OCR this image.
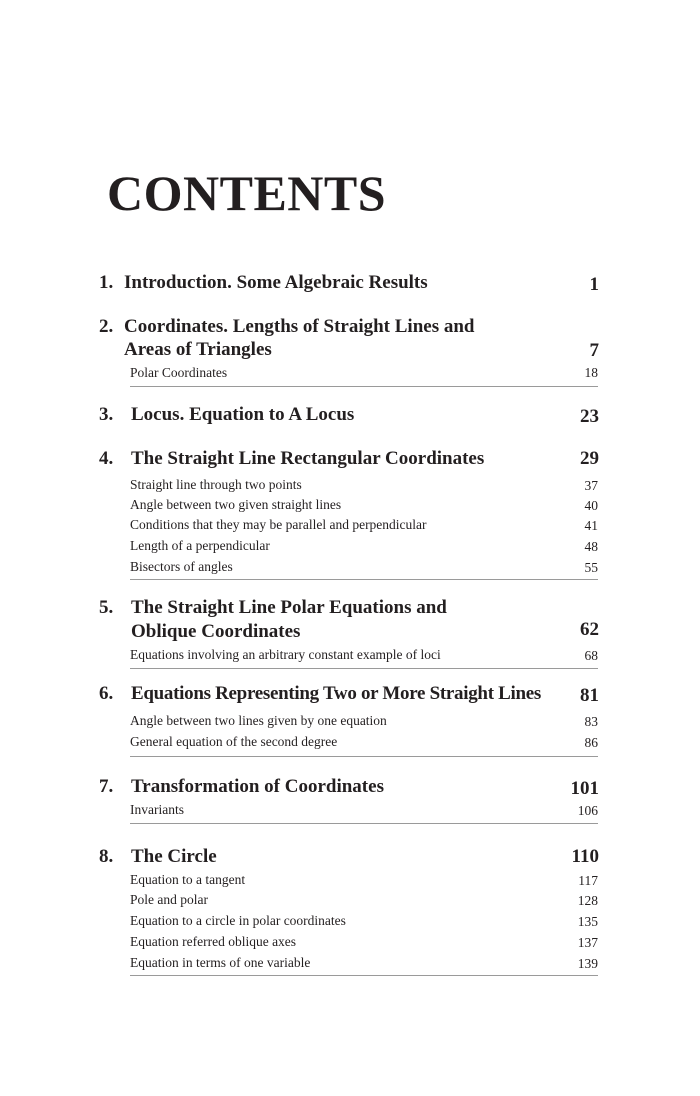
CONTENTS
1. Introduction. Some Algebraic Results	1
2. Coordinates. Lengths of Straight Lines and
Areas of Triangles	7
Polar Coordinates	18
3. Locus. Equation to A Locus	23
4. The Straight Line Rectangular Coordinates	29
Straight line through two points	37
Angle between two given straight lines	40
Conditions that they may be parallel and perpendicular	41
Length of a perpendicular	48
Bisectors of angles	55
5. The Straight Line Polar Equations and
Oblique Coordinates	62
Equations involving an arbitrary constant example of loci	68
6. Equations Representing Two or More Straight Lines 81
Angle between two lines given by one equation	83
General equation of the second degree	86
7. Transformation of Coordinates	101
Invariants	106
8. The Circle	110
Equation to a tangent	117
Pole and polar	128
Equation to a circle in polar coordinates	135
Equation referred oblique axes	137
Equation in terms of one variable	139
